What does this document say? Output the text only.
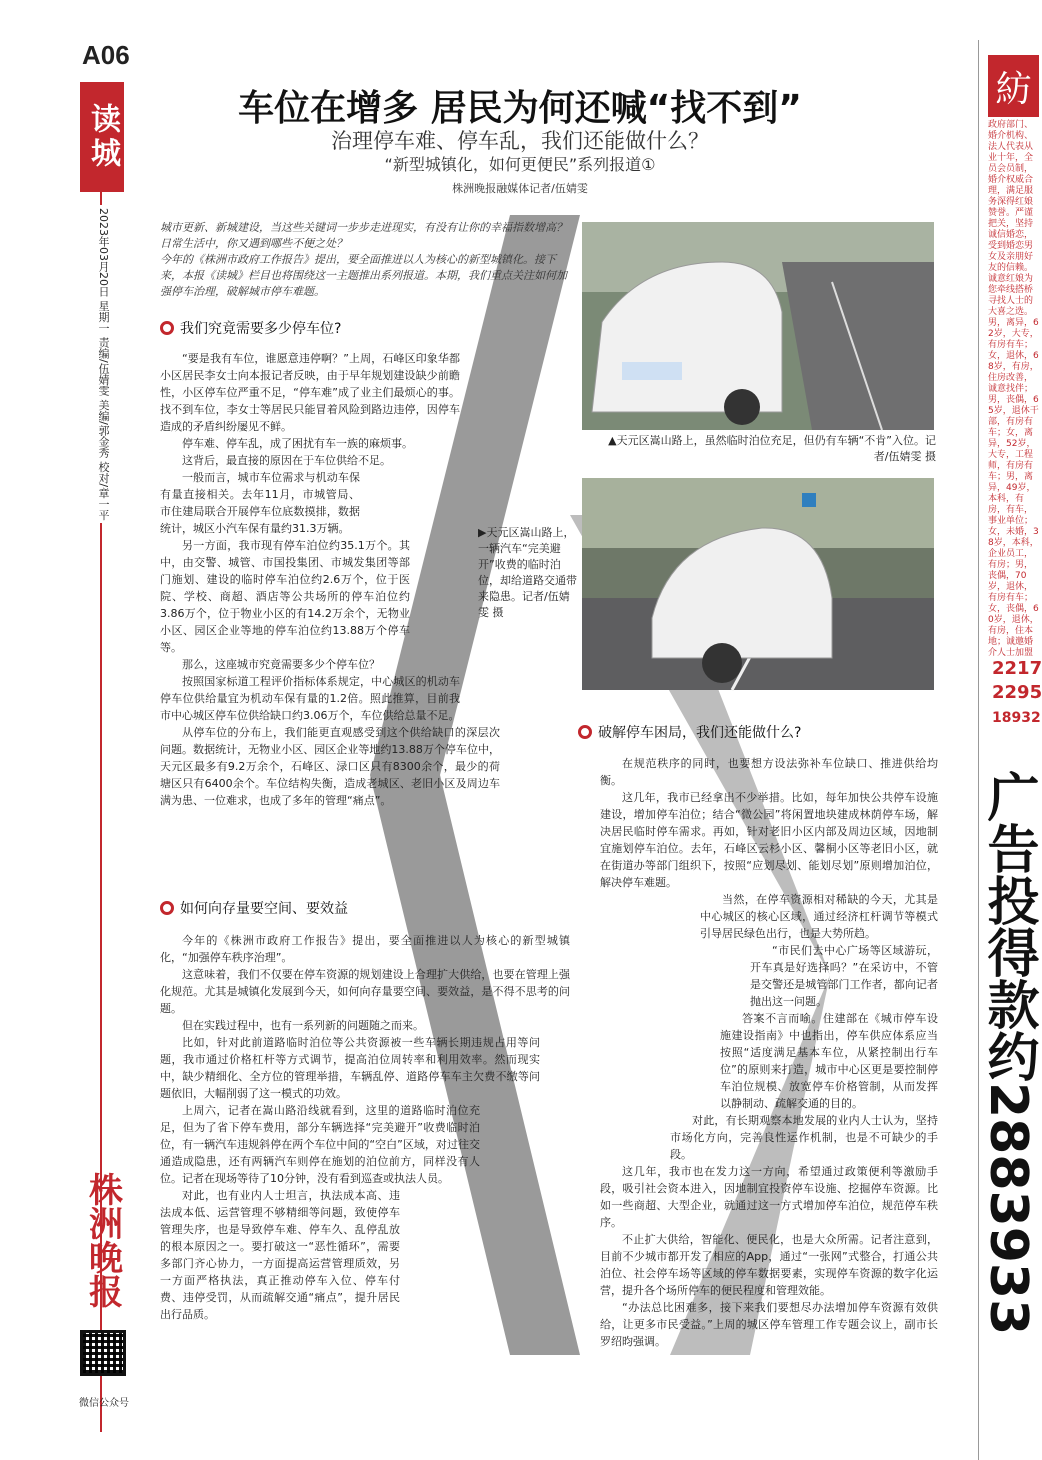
A06
读城
2023年03月20日 星期一 责编/伍婧雯 美编/郭金秀 校对/章一平
株洲晚报
微信公众号
车位在增多 居民为何还喊“找不到”
治理停车难、停车乱，我们还能做什么？
“新型城镇化，如何更便民”系列报道①
株洲晚报融媒体记者/伍婧雯

城市更新、新城建设，当这些关键词一步步走进现实，有没有让你的幸福指数增高？日常生活中，你又遇到哪些不便之处？
今年的《株洲市政府工作报告》提出，要全面推进以人为核心的新型城镇化。接下来，本报《读城》栏目也将围绕这一主题推出系列报道。本期，我们重点关注如何加强停车治理，破解城市停车难题。

▲天元区嵩山路上，虽然临时泊位充足，但仍有车辆“不肯”入位。记者/伍婧雯 摄
▶天元区嵩山路上，一辆汽车“完美避开”收费的临时泊位，却给道路交通带来隐患。记者/伍婧雯 摄
我们究竟需要多少停车位?

“要是我有车位，谁愿意违停啊？”上周，石峰区印象华都小区居民李女士向本报记者反映，由于早年规划建设缺少前瞻性，小区停车位严重不足，“停车难”成了业主们最烦心的事。找不到车位，李女士等居民只能冒着风险到路边违停，因停车造成的矛盾纠纷屡见不鲜。

停车难、停车乱，成了困扰有车一族的麻烦事。

这背后，最直接的原因在于车位供给不足。

一般而言，城市车位需求与机动车保有量直接相关。去年11月，市城管局、市住建局联合开展停车位底数摸排，数据统计，城区小汽车保有量约31.3万辆。

另一方面，我市现有停车泊位约35.1万个。其中，由交警、城管、市国投集团、市城发集团等部门施划、建设的临时停车泊位约2.6万个，位于医院、学校、商超、酒店等公共场所的停车泊位约3.86万个，位于物业小区的有14.2万余个，无物业小区、园区企业等地的停车泊位约13.88万个停车等。

那么，这座城市究竟需要多少个停车位？

按照国家标道工程评价指标体系规定，中心城区的机动车停车位供给量宜为机动车保有量的1.2倍。照此推算，目前我市中心城区停车位供给缺口约3.06万个，车位供给总量不足。

从停车位的分布上，我们能更直观感受到这个供给缺口的深层次问题。数据统计，无物业小区、园区企业等地约13.88万个停车位中，天元区最多有9.2万余个，石峰区、渌口区只有8300余个，最少的荷塘区只有6400余个。车位结构失衡，造成老城区、老旧小区及周边车满为患、一位难求，也成了多年的管理“痛点”。

如何向存量要空间、要效益

今年的《株洲市政府工作报告》提出，要全面推进以人为核心的新型城镇化，“加强停车秩序治理”。

这意味着，我们不仅要在停车资源的规划建设上合理扩大供给，也要在管理上强化规范。尤其是城镇化发展到今天，如何向存量要空间、要效益，是不得不思考的问题。

但在实践过程中，也有一系列新的问题随之而来。

比如，针对此前道路临时泊位等公共资源被一些车辆长期违规占用等问题，我市通过价格杠杆等方式调节，提高泊位周转率和利用效率。然而现实中，缺少精细化、全方位的管理举措，车辆乱停、道路停车车主欠费不缴等问题依旧，大幅削弱了这一模式的功效。

上周六，记者在嵩山路沿线就看到，这里的道路临时泊位充足，但为了省下停车费用，部分车辆选择“完美避开”收费临时泊位，有一辆汽车违规斜停在两个车位中间的“空白”区域，对过往交通造成隐患，还有两辆汽车则停在施划的泊位前方，同样没有人位。记者在现场等待了10分钟，没有看到巡查或执法人员。

对此，也有业内人士坦言，执法成本高、违法成本低、运营管理不够精细等问题，致使停车管理失序，也是导致停车难、停车久、乱停乱放的根本原因之一。要打破这一“恶性循环”，需要多部门齐心协力，一方面提高运营管理质效，另一方面严格执法，真正推动停车入位、停车付费、违停受罚，从而疏解交通“痛点”，提升居民出行品质。

破解停车困局，我们还能做什么?

在规范秩序的同时，也要想方设法弥补车位缺口、推进供给均衡。

这几年，我市已经拿出不少举措。比如，每年加快公共停车设施建设，增加停车泊位；结合“微公园”将闲置地块建成林荫停车场，解决居民临时停车需求。再如，针对老旧小区内部及周边区域，因地制宜施划停车泊位。去年，石峰区云杉小区、馨桐小区等老旧小区，就在街道办等部门组织下，按照“应划尽划、能划尽划”原则增加泊位，解决停车难题。

当然，在停车资源相对稀缺的今天，尤其是中心城区的核心区域，通过经济杠杆调节等模式引导居民绿色出行，也是大势所趋。

“市民们去中心广场等区域游玩，开车真是好选择吗？”在采访中，不管是交警还是城管部门工作者，都向记者抛出这一问题。

答案不言而喻。住建部在《城市停车设施建设指南》中也指出，停车供应体系应当按照“适度满足基本车位，从紧控制出行车位”的原则来打造，城市中心区更是要控制停车泊位规模、放宽停车价格管制，从而发挥以静制动、疏解交通的目的。

对此，有长期观察本地发展的业内人士认为，坚持市场化方向，完善良性运作机制，也是不可缺少的手段。

这几年，我市也在发力这一方向，希望通过政策便利等激励手段，吸引社会资本进入，因地制宜投资停车设施、挖掘停车资源。比如一些商超、大型企业，就通过这一方式增加停车泊位，规范停车秩序。

不止扩大供给，智能化、便民化，也是大众所需。记者注意到，目前不少城市都开发了相应的App，通过“一张网”式整合，打通公共泊位、社会停车场等区域的停车数据要素，实现停车资源的数字化运营，提升各个场所停车的便民程度和管理效能。

“办法总比困难多，接下来我们要想尽办法增加停车资源有效供给，让更多市民受益。”上周的城区停车管理工作专题会议上，副市长罗绍昀强调。

紡
政府部门、婚介机构、法人代表从业十年，全员会员制，婚介权威合理，满足服务深得红娘赞誉。严谨把关，坚持诚信婚恋，受到婚恋男女及亲朋好友的信赖。诚意红娘为您牵线搭桥寻找人士的大喜之选。男，离异，62岁，大专，有房有车；女，退休，68岁，有房，住房改善，诚意找伴；男，丧偶，65岁，退休干部，有房有车；女，离异，52岁，大专，工程师，有房有车；男，离异，49岁，本科，有房，有车，事业单位；女，未婚，38岁，本科，企业员工，有房；男，丧偶，70岁，退休，有房有车；女，丧偶，60岁，退休，有房，住本地；诚邀婚介人士加盟
2217
2295
18932
广告投得款约2883933
